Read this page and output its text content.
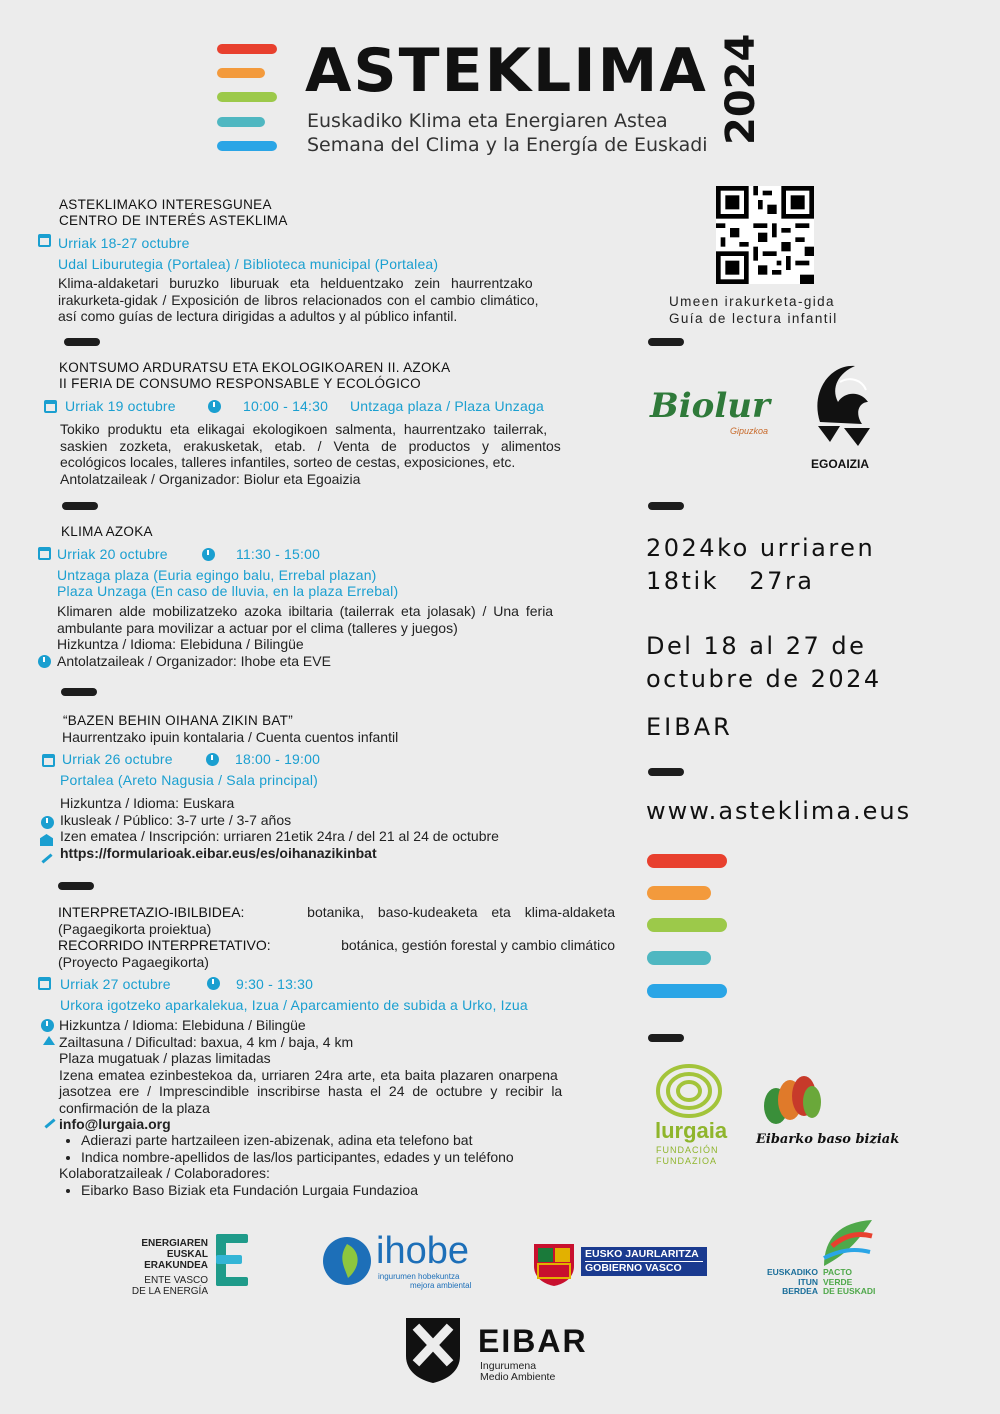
ASTEKLIMA 2024
Euskadiko Klima eta Energiaren Astea
Semana del Clima y la Energía de Euskadi
ASTEKLIMAKO INTERESGUNEA
CENTRO DE INTERÉS ASTEKLIMA
Urriak 18-27 octubre
Udal Liburutegia (Portalea) / Biblioteca municipal (Portalea)
Klima-aldaketari buruzko liburuak eta helduentzako zein haurrentzako
irakurketa-gidak / Exposición de libros relacionados con el cambio climático,
así como guías de lectura dirigidas a adultos y al público infantil.
KONTSUMO ARDURATSU ETA EKOLOGIKOAREN II. AZOKA
II FERIA DE CONSUMO RESPONSABLE Y ECOLÓGICO
Urriak 19 octubre	10:00 - 14:30 Untzaga plaza / Plaza Unzaga
Tokiko produktu eta elikagai ekologikoen salmenta, haurrentzako tailerrak,
saskien zozketa, erakusketak, etab. / Venta de productos y alimentos
ecológicos locales, talleres infantiles, sorteo de cestas, exposiciones, etc.
Antolatzaileak / Organizador: Biolur eta Egoaizia
KLIMA AZOKA
Urriak 20 octubre	11:30 - 15:00
Untzaga plaza (Euria egingo balu, Errebal plazan)
Plaza Unzaga (En caso de lluvia, en la plaza Errebal)
Klimaren alde mobilizatzeko azoka ibiltaria (tailerrak eta jolasak) / Una feria
ambulante para movilizar a actuar por el clima (talleres y juegos)
Hizkuntza / Idioma: Elebiduna / Bilingüe
Antolatzaileak / Organizador: Ihobe eta EVE
“BAZEN BEHIN OIHANA ZIKIN BAT”
Haurrentzako ipuin kontalaria / Cuenta cuentos infantil
Urriak 26 octubre	18:00 - 19:00
Portalea (Areto Nagusia / Sala principal)
Hizkuntza / Idioma: Euskara
Ikusleak / Público: 3-7 urte / 3-7 años
Izen ematea / Inscripción: urriaren 21etik 24ra / del 21 al 24 de octubre
https://formularioak.eibar.eus/es/oihanazikinbat
INTERPRETAZIO-IBILBIDEA:	botanika, baso-kudeaketa eta klima-aldaketa
(Pagaegikorta proiektua)
RECORRIDO INTERPRETATIVO:	botánica, gestión forestal y cambio climático
(Proyecto Pagaegikorta)
Urriak 27 octubre	9:30 - 13:30
Urkora igotzeko aparkalekua, Izua / Aparcamiento de subida a Urko, Izua
Hizkuntza / Idioma: Elebiduna / Bilingüe
Zailtasuna / Dificultad: baxua, 4 km / baja, 4 km
Plaza mugatuak / plazas limitadas
Izena ematea ezinbestekoa da, urriaren 24ra arte, eta baita plazaren onarpena
jasotzea ere / Imprescindible inscribirse hasta el 24 de octubre y recibir la
confirmación de la plaza
info@lurgaia.org
• Adierazi parte hartzaileen izen-abizenak, adina eta telefono bat
• Indica nombre-apellidos de las/los participantes, edades y un teléfono
Kolaboratzaileak / Colaboradores:
• Eibarko Baso Biziak eta Fundación Lurgaia Fundazioa
Umeen irakurketa-gida
Guía de lectura infantil
Biolur
Gipuzkoa
EGOAIZIA
2024ko urriaren
18tik   27ra
Del 18 al 27 de
octubre de 2024
EIBAR
www.asteklima.eus
lurgaia
FUNDACIÓN
FUNDAZIOA
Eibarko baso biziak
ENERGIAREN
EUSKAL ERAKUNDEA
ENTE VASCO
DE LA ENERGÍA
ihobe
ingurumen hobekuntza
mejora ambiental
EUSKO JAURLARITZA
GOBIERNO VASCO	EUSKADIKO
ITUN
BERDEA
PACTO
VERDE
DE EUSKADI
EIBAR
Ingurumena
Medio Ambiente
